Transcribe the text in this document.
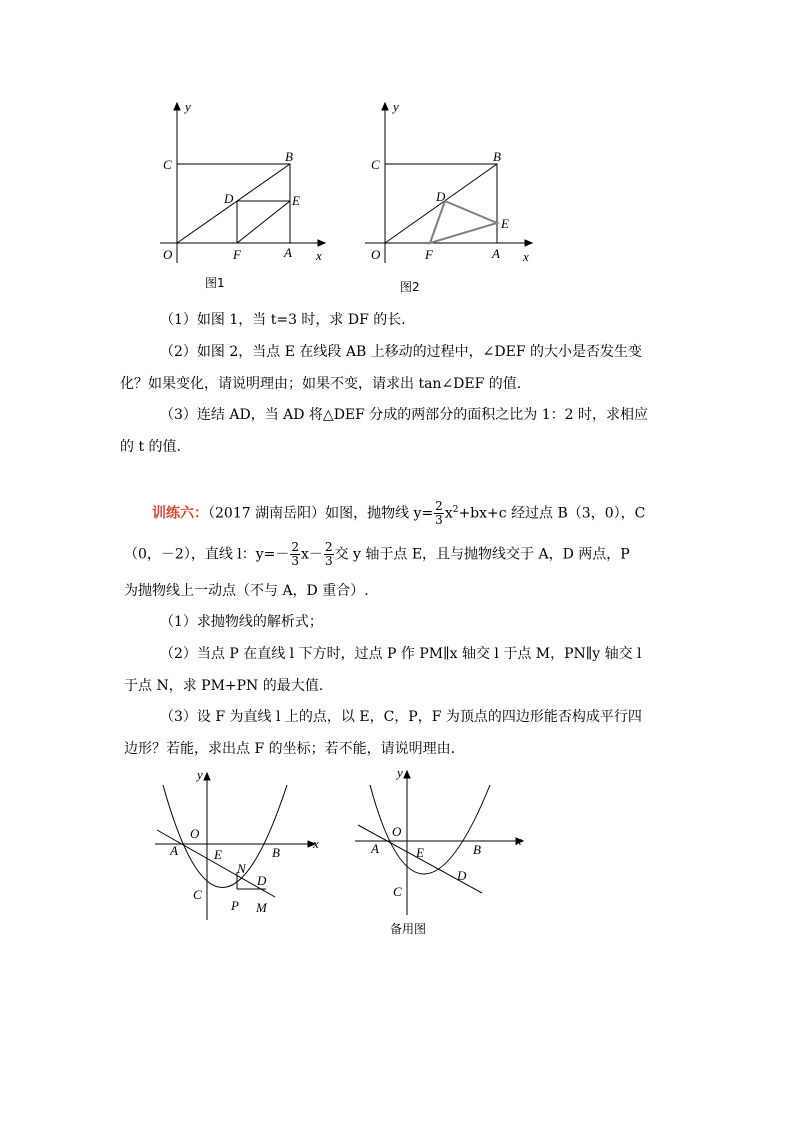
y
x
O
C
B
D	E
F	A
图1
y
x
O
C
B
D
E
F	A
图2
（1）如图 1，当 t=3 时，求 DF 的长.
（2）如图 2，当点 E 在线段 AB 上移动的过程中，∠DEF 的大小是否发生变
化？如果变化，请说明理由；如果不变，请求出 tan∠DEF 的值.
（3）连结 AD，当 AD 将△DEF 分成的两部分的面积之比为 1：2 时，求相应
的 t 的值.
训练六：（2017 湖南岳阳）如图，抛物线 $y= \frac{2}{3} x^2+bx+c$ 经过点 B（3，0），C
（0，－2），直线 l：$y=- \frac{2}{3} x- \frac{2}{3}$ 交 y 轴于点 E，且与抛物线交于 A，D 两点，P
为抛物线上一动点（不与 A，D 重合）.
（1）求抛物线的解析式；
（2）当点 P 在直线 l 下方时，过点 P 作 PM∥x 轴交 l 于点 M，PN∥y 轴交 l
于点 N，求 PM+PN 的最大值.
（3）设 F 为直线 l 上的点，以 E，C，P，F 为顶点的四边形能否构成平行四
边形？若能，求出点 F 的坐标；若不能，请说明理由.
y
x
O
A	E	B
C
N
D
P M
y
x
O
A	E	B
C
D
备用图
